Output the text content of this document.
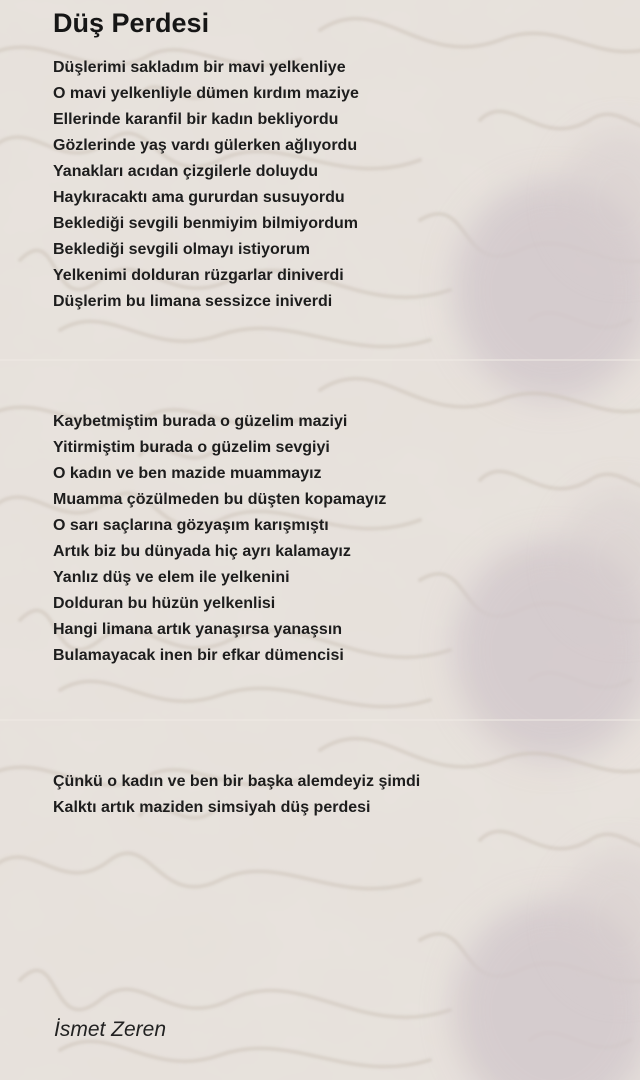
Düş Perdesi
Düşlerimi sakladım bir mavi yelkenliye
O mavi yelkenliyle dümen kırdım maziye
Ellerinde karanfil bir kadın bekliyordu
Gözlerinde yaş vardı gülerken ağlıyordu
Yanakları acıdan çizgilerle doluydu
Haykıracaktı ama gururdan susuyordu
Beklediği sevgili benmiyim bilmiyordum
Beklediği sevgili olmayı istiyorum
Yelkenimi dolduran rüzgarlar diniverdi
Düşlerim bu limana sessizce iniverdi
Kaybetmiştim burada o güzelim maziyi
Yitirmiştim burada o güzelim sevgiyi
O kadın ve ben mazide muammayız
Muamma çözülmeden bu düşten kopamayız
O sarı saçlarına gözyaşım karışmıştı
Artık biz bu dünyada hiç ayrı kalamayız
Yanlız düş ve elem ile yelkenini
Dolduran bu hüzün yelkenlisi
Hangi limana artık yanaşırsa yanaşsın
Bulamayacak inen bir efkar dümencisi
Çünkü o kadın ve ben bir başka alemdeyiz şimdi
Kalktı artık maziden simsiyah düş perdesi
İsmet Zeren
